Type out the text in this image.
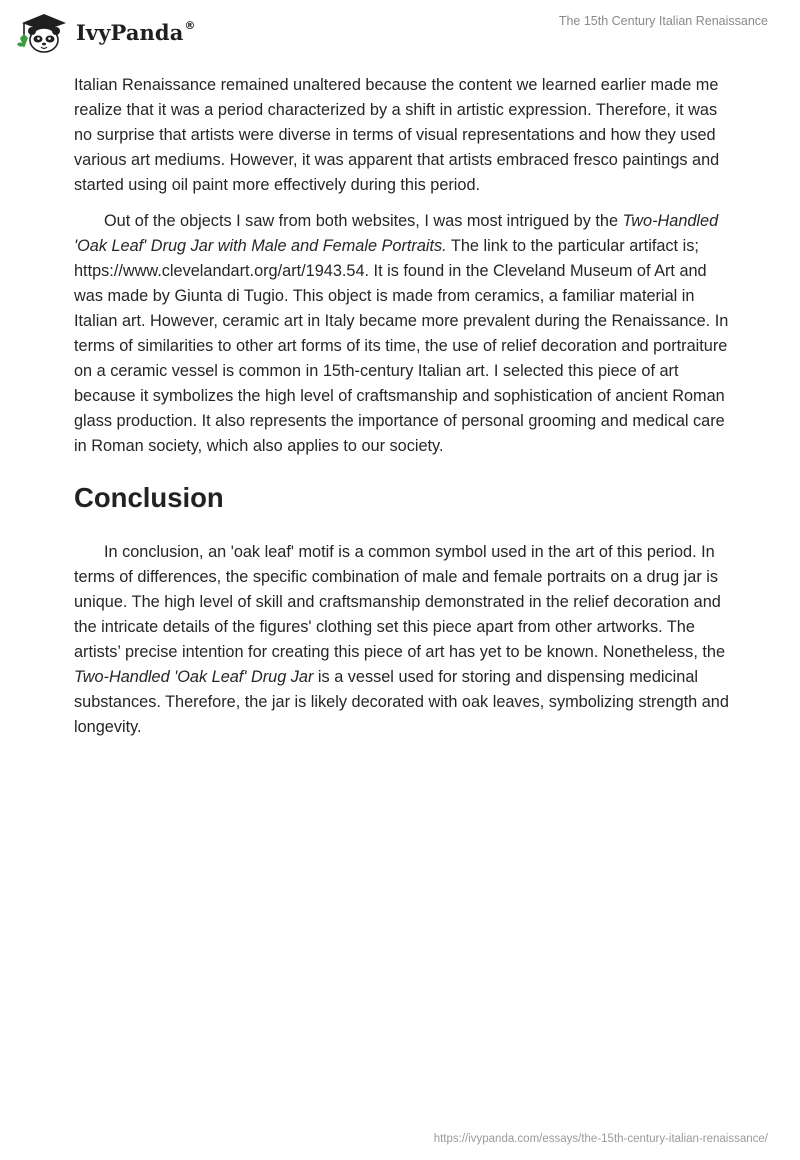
IvyPanda®	The 15th Century Italian Renaissance

Italian Renaissance remained unaltered because the content we learned earlier made me realize that it was a period characterized by a shift in artistic expression. Therefore, it was no surprise that artists were diverse in terms of visual representations and how they used various art mediums. However, it was apparent that artists embraced fresco paintings and started using oil paint more effectively during this period.

Out of the objects I saw from both websites, I was most intrigued by the Two-Handled 'Oak Leaf' Drug Jar with Male and Female Portraits. The link to the particular artifact is; https://www.clevelandart.org/art/1943.54. It is found in the Cleveland Museum of Art and was made by Giunta di Tugio. This object is made from ceramics, a familiar material in Italian art. However, ceramic art in Italy became more prevalent during the Renaissance. In terms of similarities to other art forms of its time, the use of relief decoration and portraiture on a ceramic vessel is common in 15th-century Italian art. I selected this piece of art because it symbolizes the high level of craftsmanship and sophistication of ancient Roman glass production. It also represents the importance of personal grooming and medical care in Roman society, which also applies to our society.

Conclusion

In conclusion, an 'oak leaf' motif is a common symbol used in the art of this period. In terms of differences, the specific combination of male and female portraits on a drug jar is unique. The high level of skill and craftsmanship demonstrated in the relief decoration and the intricate details of the figures' clothing set this piece apart from other artworks. The artists’ precise intention for creating this piece of art has yet to be known. Nonetheless, the Two-Handled 'Oak Leaf' Drug Jar is a vessel used for storing and dispensing medicinal substances. Therefore, the jar is likely decorated with oak leaves, symbolizing strength and longevity.

https://ivypanda.com/essays/the-15th-century-italian-renaissance/
